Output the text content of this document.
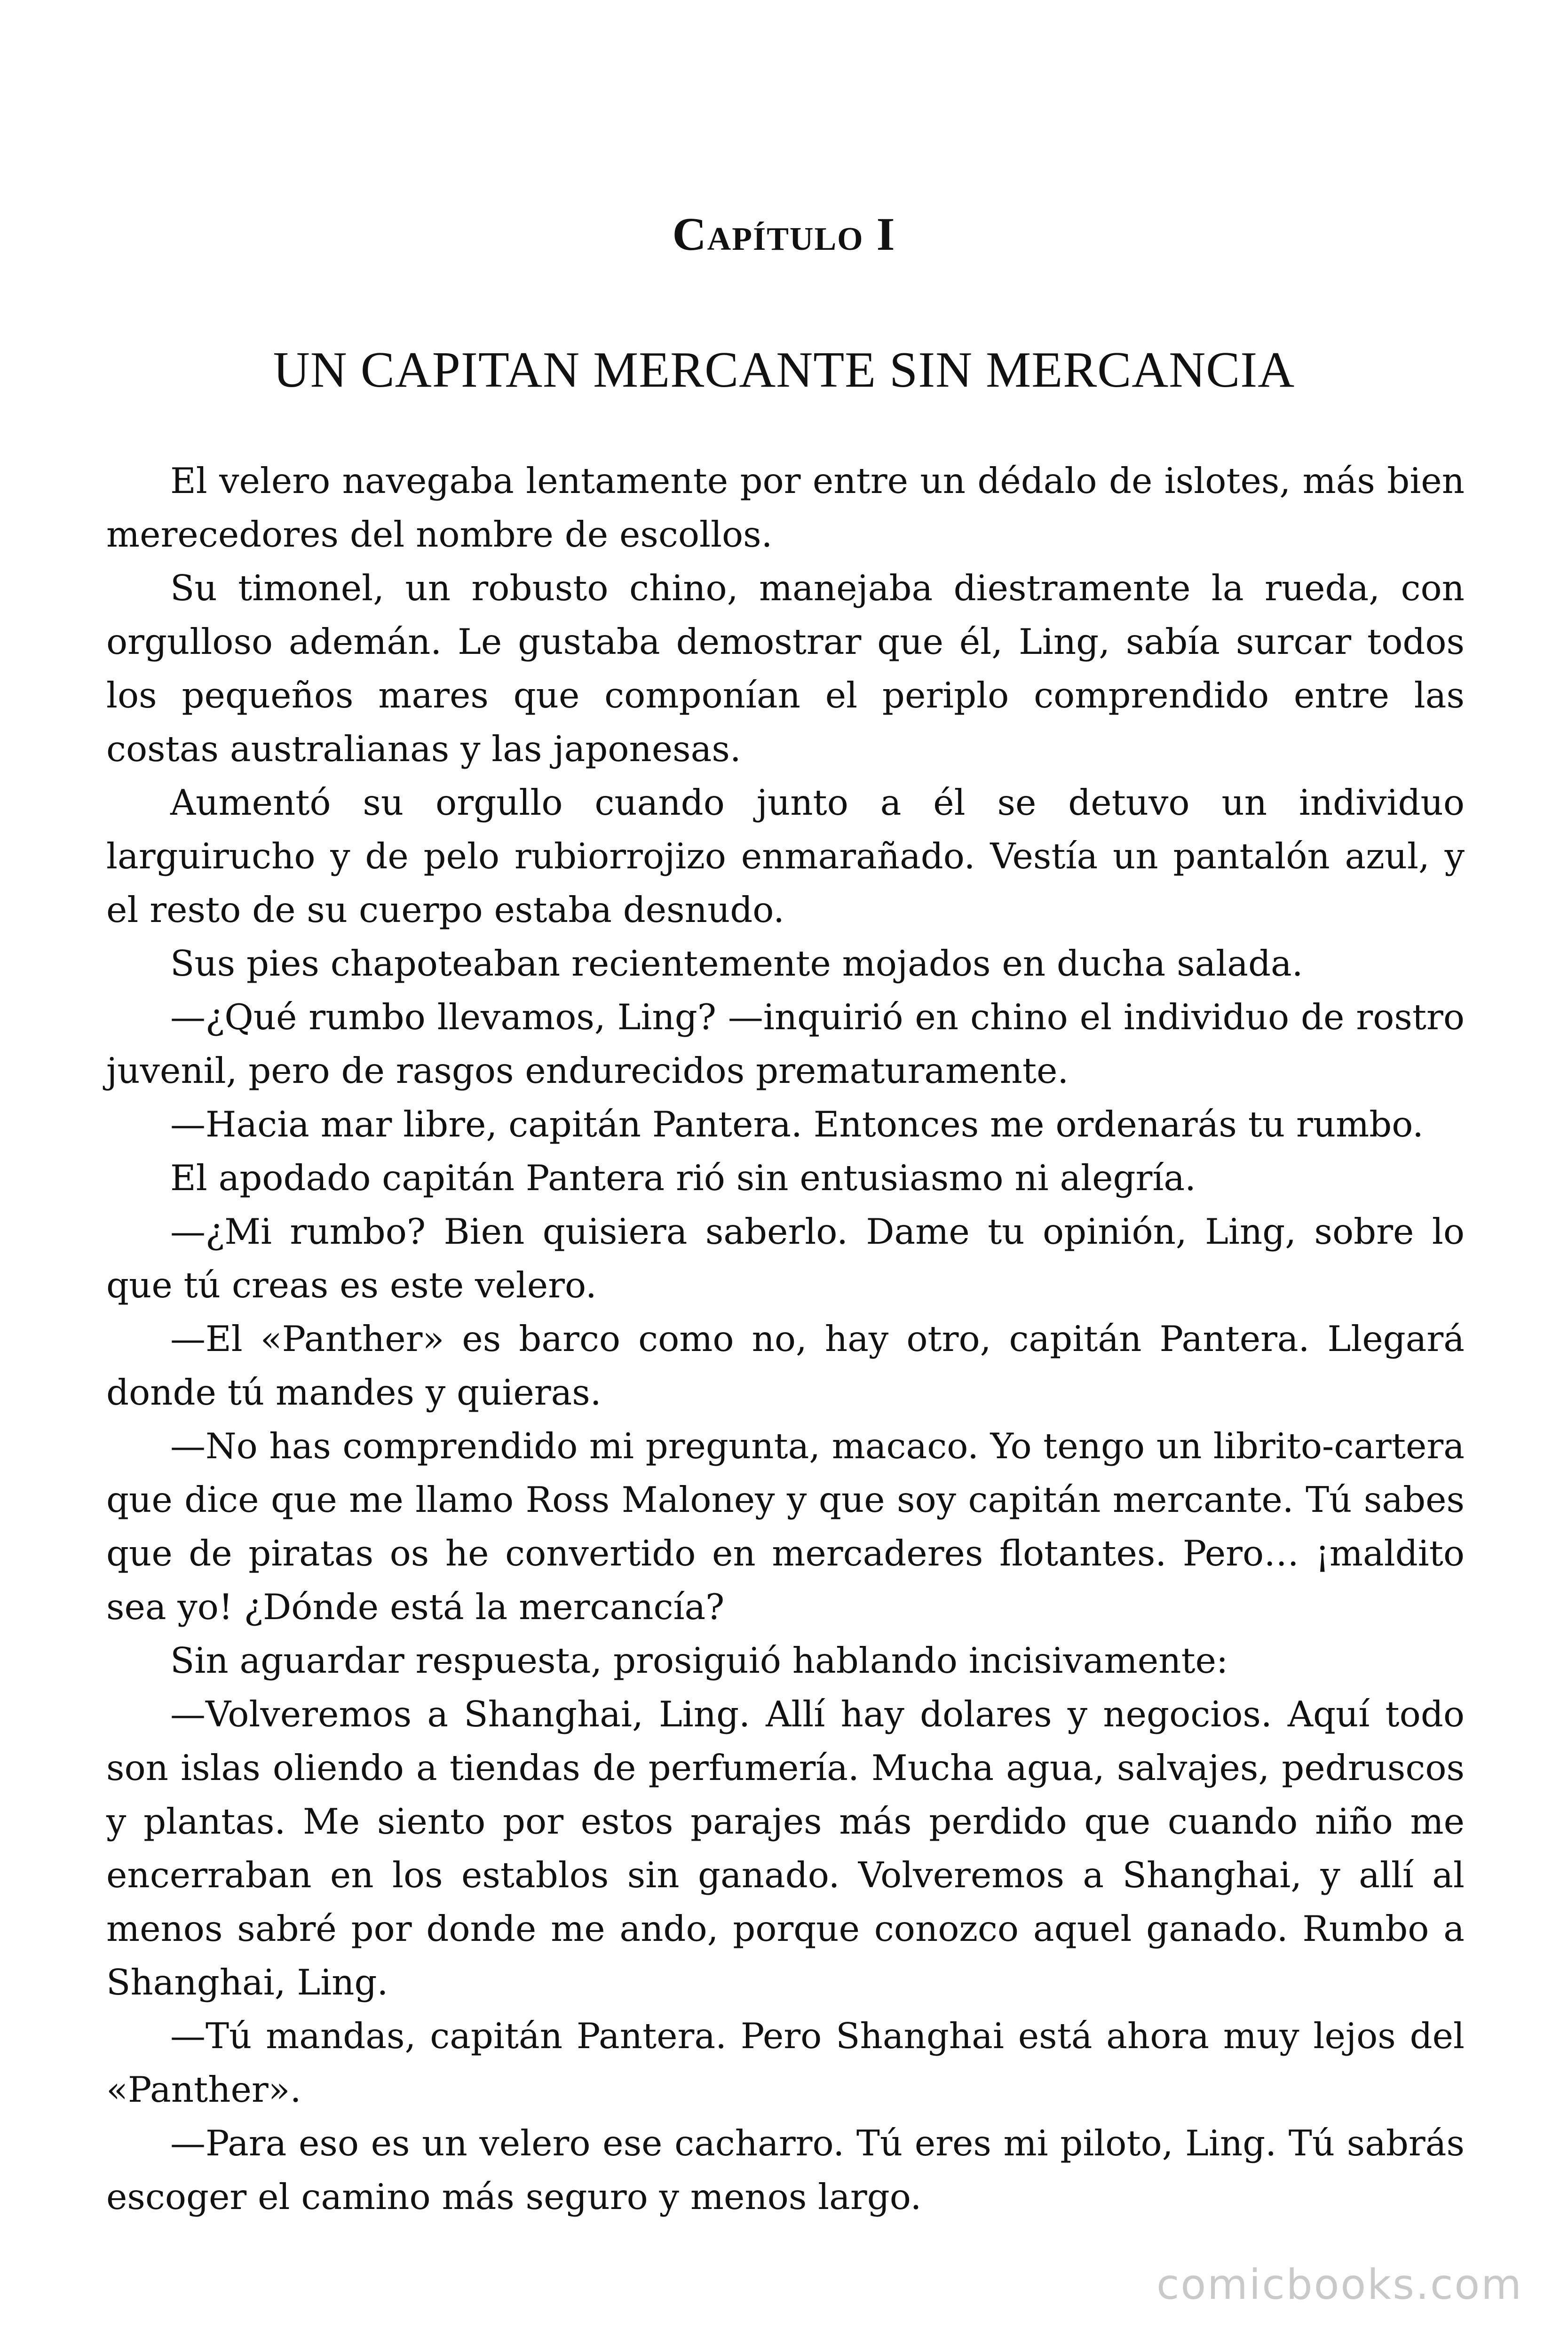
Capítulo I
UN CAPITAN MERCANTE SIN MERCANCIA

El velero navegaba lentamente por entre un dédalo de islotes, más bien merecedores del nombre de escollos.

Su timonel, un robusto chino, manejaba diestramente la rueda, con orgulloso ademán. Le gustaba demostrar que él, Ling, sabía surcar todos los pequeños mares que componían el periplo comprendido entre las costas australianas y las japonesas.

Aumentó su orgullo cuando junto a él se detuvo un individuo larguirucho y de pelo rubiorrojizo enmarañado. Vestía un pantalón azul, y el resto de su cuerpo estaba desnudo.

Sus pies chapoteaban recientemente mojados en ducha salada.

—¿Qué rumbo llevamos, Ling? —inquirió en chino el individuo de rostro juvenil, pero de rasgos endurecidos prematuramente.

—Hacia mar libre, capitán Pantera. Entonces me ordenarás tu rumbo.

El apodado capitán Pantera rió sin entusiasmo ni alegría.

—¿Mi rumbo? Bien quisiera saberlo. Dame tu opinión, Ling, sobre lo que tú creas es este velero.

—El «Panther» es barco como no, hay otro, capitán Pantera. Llegará donde tú mandes y quieras.

—No has comprendido mi pregunta, macaco. Yo tengo un librito-cartera que dice que me llamo Ross Maloney y que soy capitán mercante. Tú sabes que de piratas os he convertido en mercaderes flotantes. Pero… ¡maldito sea yo! ¿Dónde está la mercancía?

Sin aguardar respuesta, prosiguió hablando incisivamente:

—Volveremos a Shanghai, Ling. Allí hay dolares y negocios. Aquí todo son islas oliendo a tiendas de perfumería. Mucha agua, salvajes, pedruscos y plantas. Me siento por estos parajes más perdido que cuando niño me encerraban en los establos sin ganado. Volveremos a Shanghai, y allí al menos sabré por donde me ando, porque conozco aquel ganado. Rumbo a Shanghai, Ling.

—Tú mandas, capitán Pantera. Pero Shanghai está ahora muy lejos del «Panther».

—Para eso es un velero ese cacharro. Tú eres mi piloto, Ling. Tú sabrás escoger el camino más seguro y menos largo.

comicbooks.com
